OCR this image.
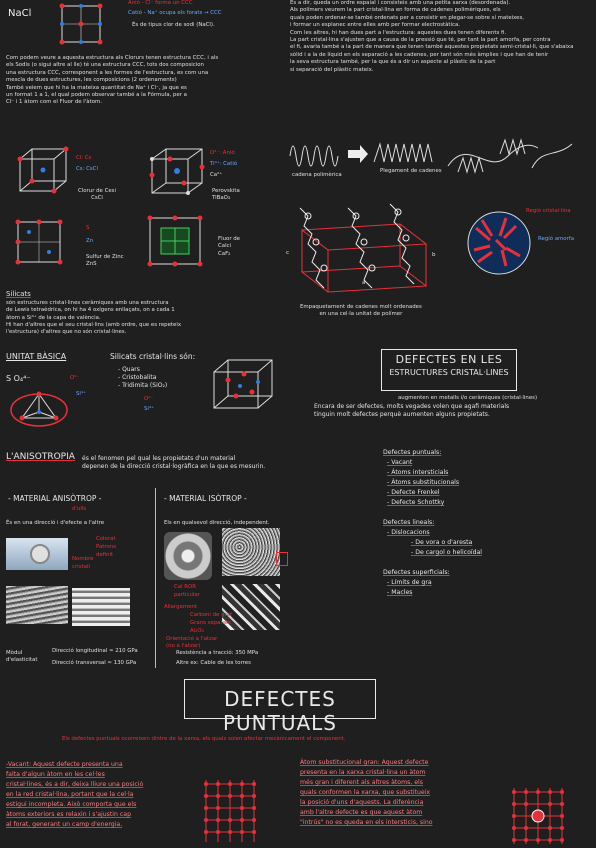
NaCl
Anió - Cl⁻ forma un CCC
Catió - Na⁺ ocupa els forats → CCC
És de tipus clor de sodi (NaCl).
Com podem veure a aquesta estructura als Clorurs tenen estructura CCC, i als
els Sodis (o sigui altre al lle) té una estructura CCC, tots dos composicion
una estructura CCC, corresponent a les formes de l'estructura, es com una
mescla de dues estructures, les composicions (2 ordenaments)
També veiem que hi ha la mateixa quantitat de Na⁺ i Cl⁻, ja que es
un format 1 a 1, el qual podem observar també a la Fórmula, per a
Cl⁻ i 1 àtom com el Fluor de l'àtom.
Cl: Cs
Cs: CsCl
Clorur de Cesi
CsCl
O²⁻: Anió
Ti⁴⁺: Catió
Ca²⁺
Perovskita
TiBaO₃
S
Zn
Sulfur de Zinc
ZnS
Fluor de
Calci
CaF₂

Silicats
són estructures cristal·lines ceràmiques amb una estructura
de Lewis tetraèdrica, on hi ha 4 oxígens enllaçats, on a cada 1
àtom a Si⁴⁺ de la capa de valència.
Hi han d'altres que el seu cristal·lins (amb ordre, que es repeteix
l'estructura) d'altres que no són cristal·lines.

UNITAT BÀSICA
S O₄⁴⁻	O²⁻
Si⁴⁺
Silicats cristal·lins són:
- Quars
- Cristobalita
- Tridimita (SiO₂)
O²⁻
Si⁴⁺
És a dir, queda un ordre espaial i consisteix amb una petita xarxa (desordenada).
Als polímers veurem la part cristal·lina en forma de cadenes polimèriques, els
quals poden ordenar-se també ordenats per a consistir en plegar-se sobre sí mateixes,
i formar un esplanec entre elles amb per formar electrostàtica.
Com les altres, hi han dues part a l'estructura: aquestes dues tenen diferents fi.
La part cristal·lina s'ajusten que a causa de la pressió que té, per tant la part amorfa, per contra
el fi, avaria també a la part de manera que tenen també aquestes propietats semi-cristal·li, que s'abaixa
sòlid i a la de líquid en els separació a les cadenes, per tant són més àmplies i que han de tenir
la seva estructura també, per la que és a dir un aspecte al plàstic de la part
si separació del plàstic mateix.
cadena polimèrica
Plegament de cadenes
Regió cristal·lina
Regió amorfa
a
b
c
Empaquetament de cadenes molt ordenades
en una cel·la unitat de polímer
DEFECTES EN LES
ESTRUCTURES CRISTAL·LINES
augmenten en metalls i/o ceràmiques (cristal·lines)
Encara de ser defectes, molts vegades volen que agafi materials
tinguin molt defectes perquè aumenten alguns propietats.
Defectes puntuals:
- Vacant
- Àtoms intersticials
- Àtoms substitucionals
- Defecte Frenkel
- Defecte Schottky
Defectes lineals:
- Dislocacions
- De vora o d'aresta
- De cargol o helicoïdal
Defectes superficials:
- Límits de gra
- Macles
L'ANISOTROPIA és el fenomen pel qual les propietats d'un material
depenen de la direcció cristal·logràfica en la que es mesurin.
- MATERIAL ANISÒTROP -
d'ulls
- MATERIAL ISÒTROP -
És en una direcció i d'efecte a l'altre	Els en qualsevol direcció, independent.
Colorat
Patrons
definit
Nombre
cristall
Cal ROR
particular
Allargament
Orientació a l'atzar
(no a l'atzar)
Carboni de graf
Grans separats
Al₂O₃
Mòdul
d'elasticitat
Direcció longitudinal ≈ 210 GPa
Direcció transversal ≈ 130 GPa
Resistència a tracció: 350 MPa
Altre ex: Cable de les torres
DEFECTES PUNTUALS
Els defectes puntuals ocorreixen dintre de la xarxa, els quals solen afectar mecànicament el component.
-Vacant: Aquest defecte presenta una
falta d'algun àtom en les cel·les
cristal·lines, és a dir, deixa lliure una posició
en la red cristal·lina, portant que la cel·la
estigui incompleta. Això comporta que els
àtoms exteriors es relaxin i s'ajustin cap
al forat, generant un camp d'energia.
Àtom substitucional gran: Aquest defecte
presenta en la xarxa cristal·lina un àtom
més gran i diferent als altres àtoms, els
quals conformen la xarxa, que substitueix
la posició d'uns d'aquests. La diferència
amb l'altre defecte es que aquest àtom
"intrús" no es queda en els intersticis, sino
